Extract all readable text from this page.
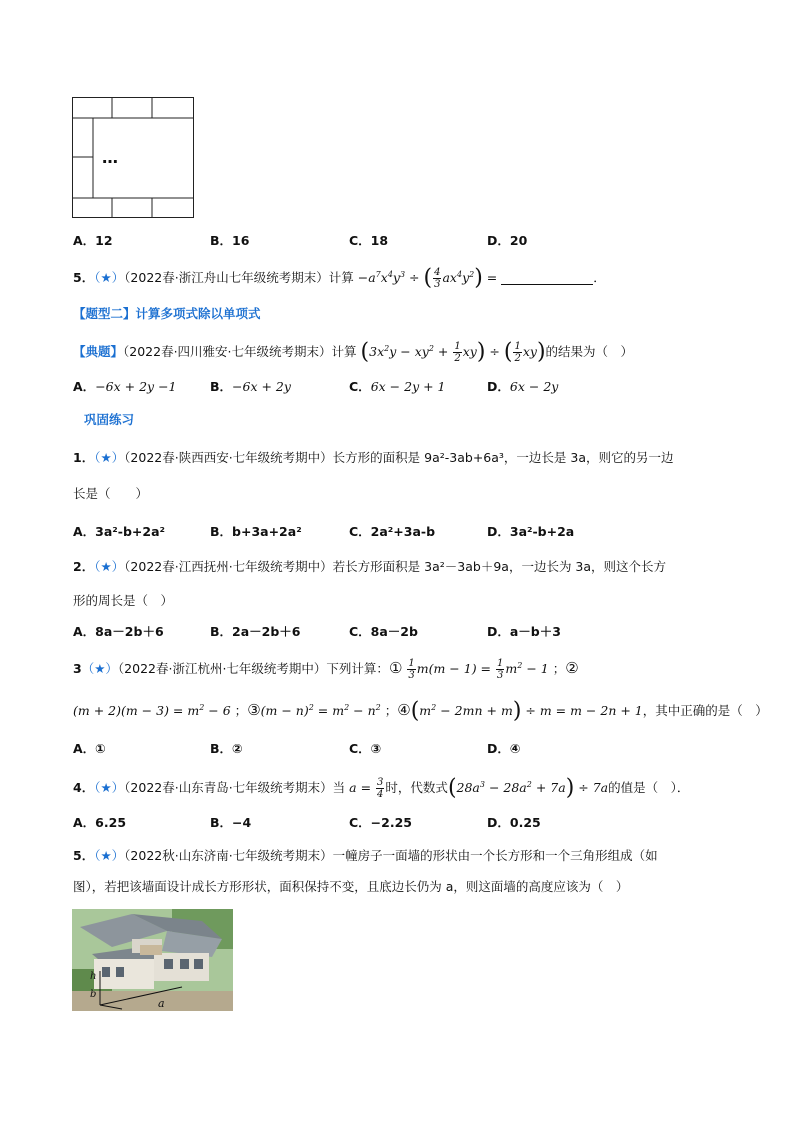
…
A．12	B．16	C．18	D．20
5．（★）（2022春·浙江舟山七年级统考期末）计算 $-a^7x^4y^3$ ÷ ( $\frac{4}{3} ax^4y^2$) =	．
【题型二】计算多项式除以单项式
【典题】（2022春·四川雅安·七年级统考期末）计算 $(3x^2y - xy^2 + \frac{1}{2} xy)$ ÷ ( $\frac{1}{2} xy$)的结果为（　）
A．−6x + 2y −1	B．−6x + 2y	C．6x − 2y + 1	D．6x − 2y
巩固练习
1．（★）（2022春·陕西西安·七年级统考期中）长方形的面积是 9a²-3ab+6a³，一边长是 3a，则它的另一边
长是（　　）
A．3a²-b+2a²	B．b+3a+2a²	C．2a²+3a-b	D．3a²-b+2a
2．（★）（2022春·江西抚州·七年级统考期中）若长方形面积是 3a²－3ab＋9a，一边长为 3a，则这个长方
形的周长是（　）
A．8a－2b＋6	B．2a－2b＋6	C．8a－2b	D．a－b＋3
3（★）（2022春·浙江杭州·七年级统考期中）下列计算：① $\frac{1}{3} m(m - 1) = \frac{1}{3} m^2 - 1$ ；②
$(m + 2)(m - 3) = m^2 - 6$ ；③(m − $n)^2 = m^2 - n^2$ ；$④(m^2 - 2mn + m) \div m = m - 2n + 1$，其中正确的是（　）
A．①	B．②	C．③	D．④
4．（★）（2022春·山东青岛·七年级统考期末）当 $a = \frac{3}{4}$ 时，代数式$(28a^3 - 28a^2 + 7a) \div 7a$的值是（　）．
A．6.25	B．−4	C．−2.25	D．0.25
5．（★）（2022秋·山东济南·七年级统考期末）一幢房子一面墙的形状由一个长方形和一个三角形组成（如
图），若把该墙面设计成长方形形状，面积保持不变，且底边长仍为 a，则这面墙的高度应该为（　）
h
b
a
